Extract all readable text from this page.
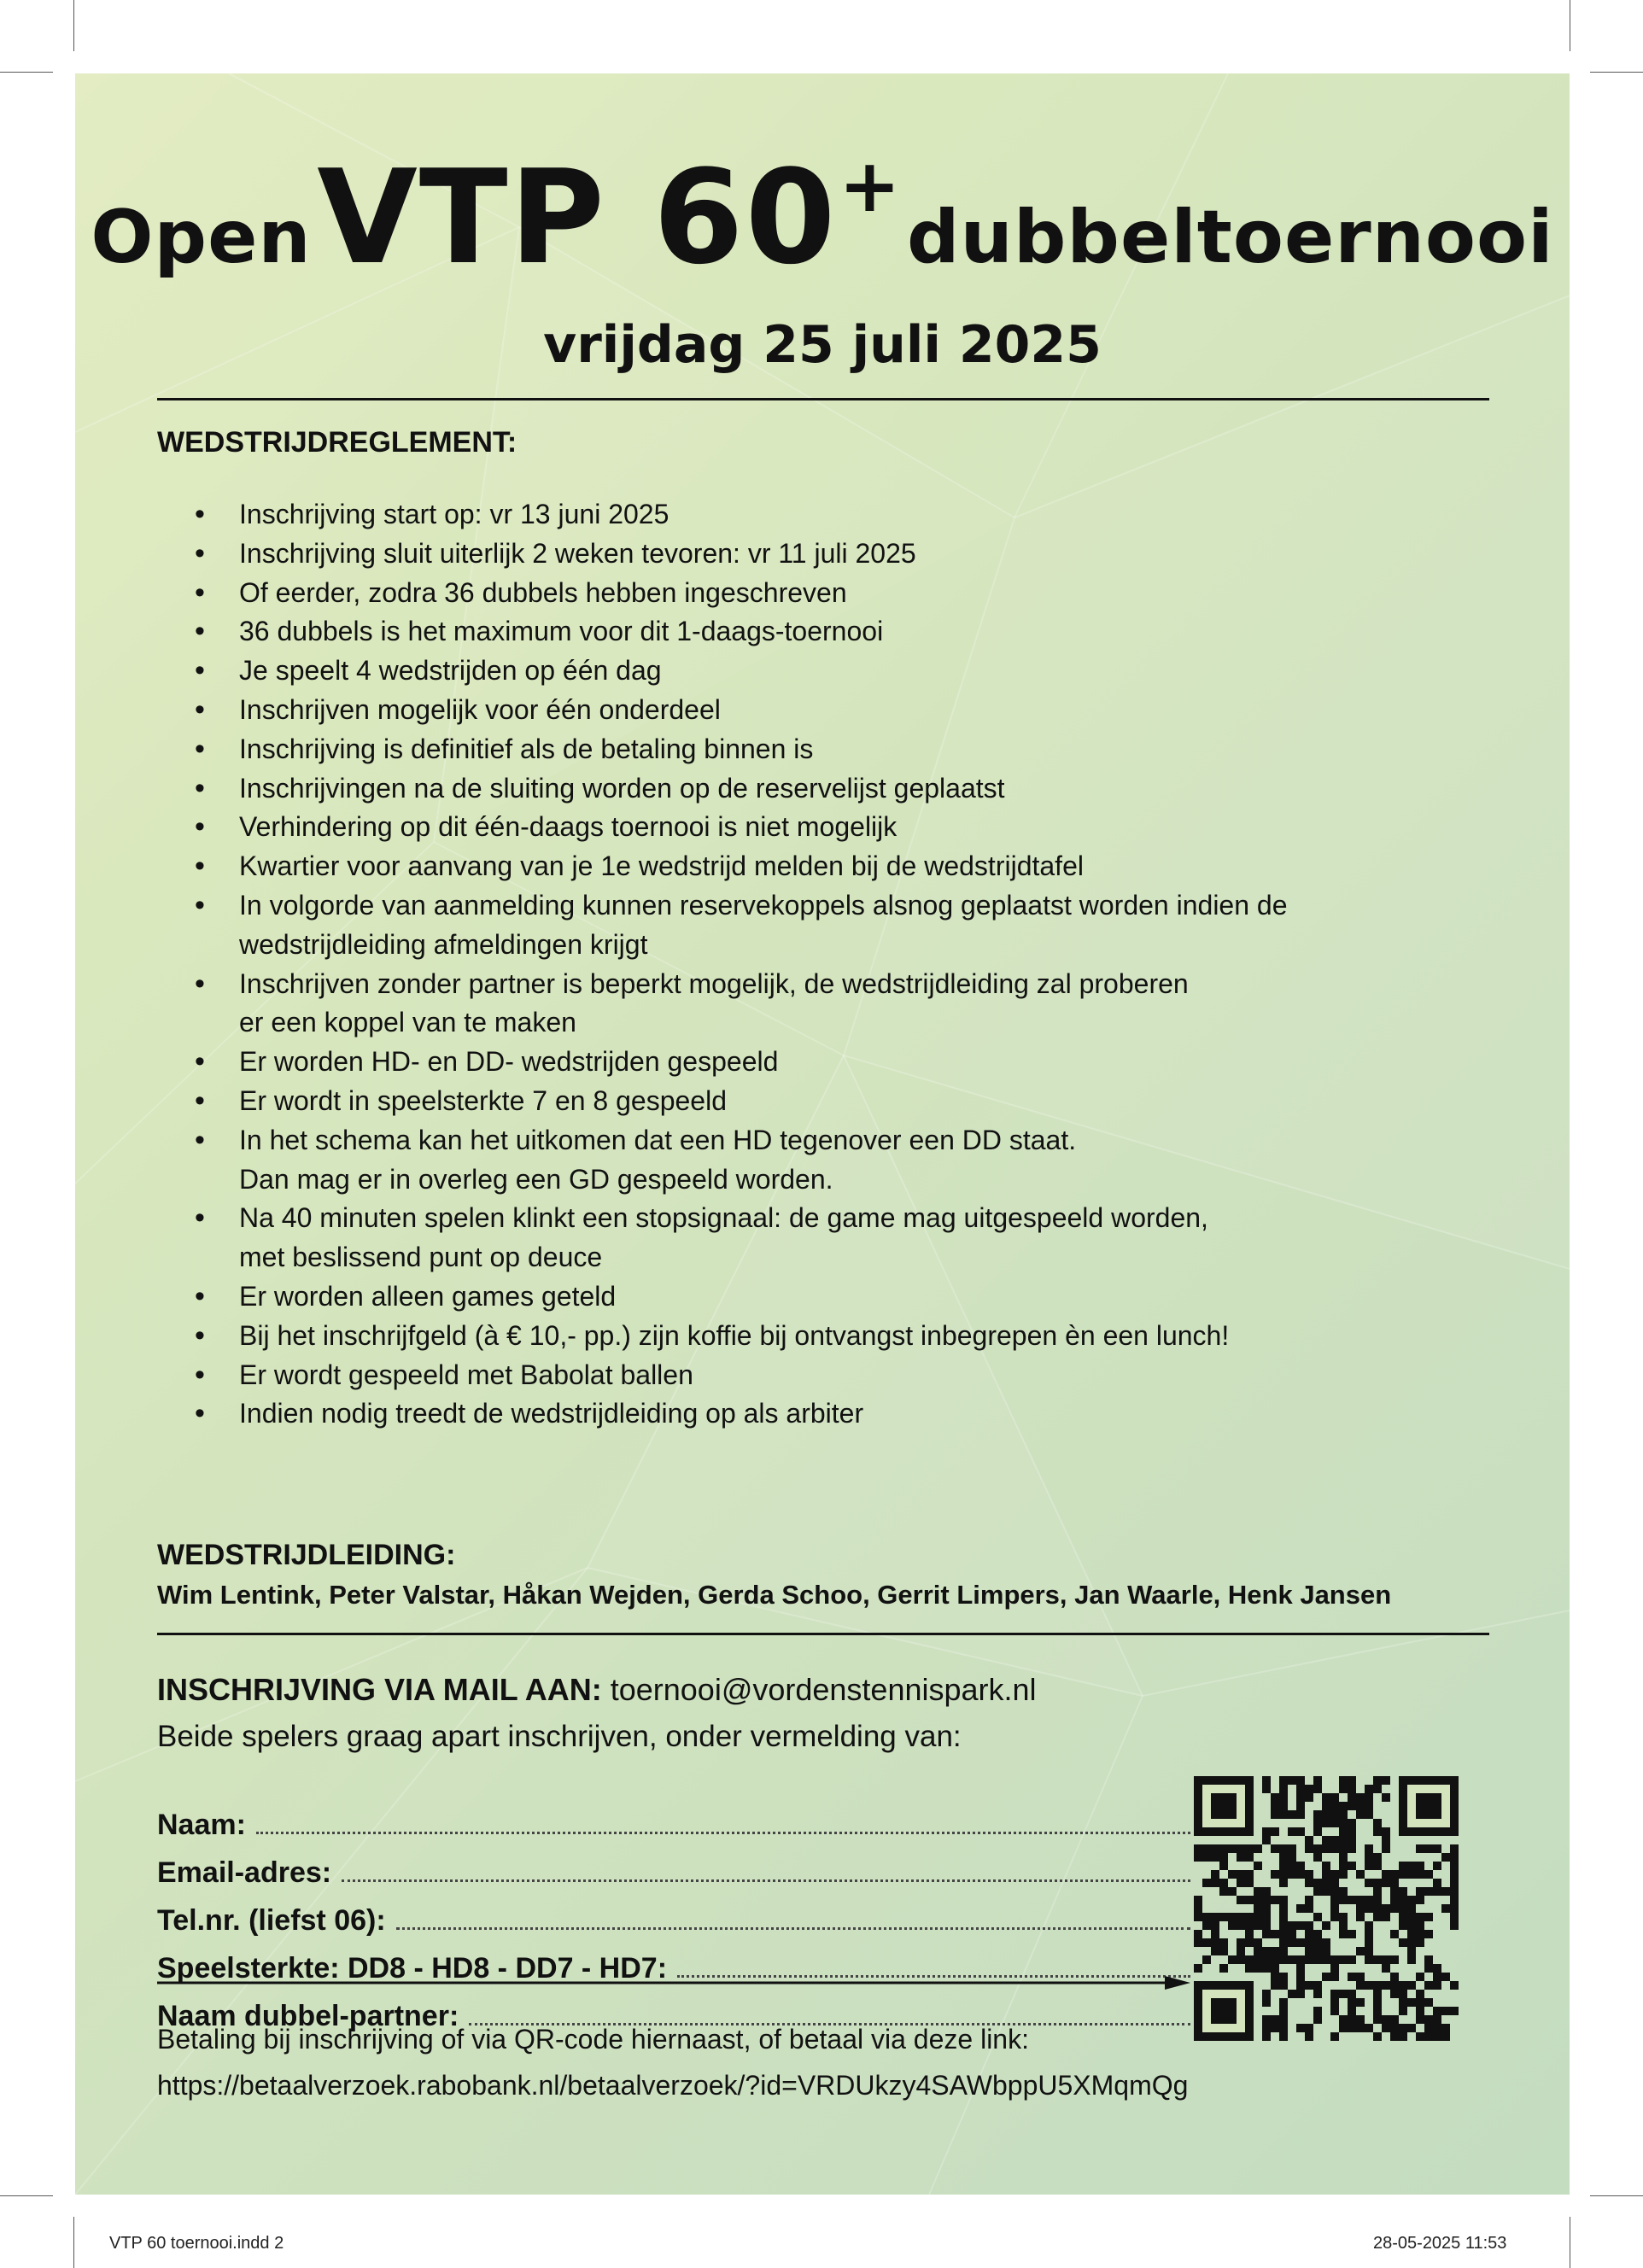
Open VTP 60+ dubbeltoernooi
vrijdag 25 juli 2025
WEDSTRIJDREGLEMENT:
• Inschrijving start op: vr 13 juni 2025
• Inschrijving sluit uiterlijk 2 weken tevoren: vr 11 juli 2025
• Of eerder, zodra 36 dubbels hebben ingeschreven
• 36 dubbels is het maximum voor dit 1-daags-toernooi
• Je speelt 4 wedstrijden op één dag
• Inschrijven mogelijk voor één onderdeel
• Inschrijving is definitief als de betaling binnen is
• Inschrijvingen na de sluiting worden op de reservelijst geplaatst
• Verhindering op dit één-daags toernooi is niet mogelijk
• Kwartier voor aanvang van je 1e wedstrijd melden bij de wedstrijdtafel
• In volgorde van aanmelding kunnen reservekoppels alsnog geplaatst worden indien de
wedstrijdleiding afmeldingen krijgt
• Inschrijven zonder partner is beperkt mogelijk, de wedstrijdleiding zal proberen
er een koppel van te maken
• Er worden HD- en DD- wedstrijden gespeeld
• Er wordt in speelsterkte 7 en 8 gespeeld
• In het schema kan het uitkomen dat een HD tegenover een DD staat.
Dan mag er in overleg een GD gespeeld worden.
• Na 40 minuten spelen klinkt een stopsignaal: de game mag uitgespeeld worden,
met beslissend punt op deuce
• Er worden alleen games geteld
• Bij het inschrijfgeld (à € 10,- pp.) zijn koffie bij ontvangst inbegrepen èn een lunch!
• Er wordt gespeeld met Babolat ballen
• Indien nodig treedt de wedstrijdleiding op als arbiter
WEDSTRIJDLEIDING:
Wim Lentink, Peter Valstar, Håkan Wejden, Gerda Schoo, Gerrit Limpers, Jan Waarle, Henk Jansen
INSCHRIJVING VIA MAIL AAN: toernooi@vordenstennispark.nl
Beide spelers graag apart inschrijven, onder vermelding van:
Naam:
Email-adres:
Tel.nr. (liefst 06):
Speelsterkte: DD8 - HD8 - DD7 - HD7:
Naam dubbel-partner:
Betaling bij inschrijving of via QR-code hiernaast, of betaal via deze link:
https://betaalverzoek.rabobank.nl/betaalverzoek/?id=VRDUkzy4SAWbppU5XMqmQg
VTP 60 toernooi.indd 2	28-05-2025 11:53
